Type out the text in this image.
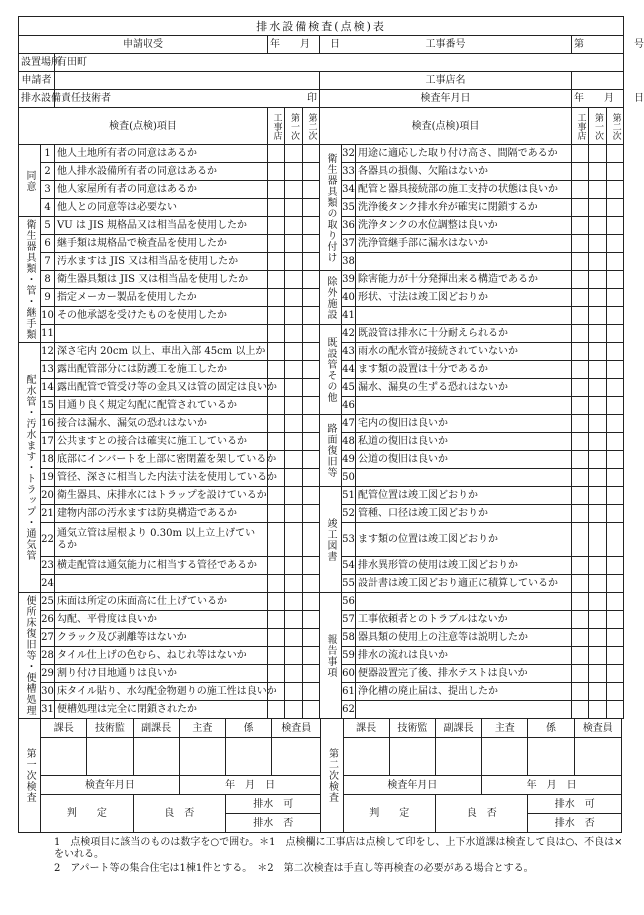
排水設備検査(点検)表											
申請収受			年　　月　　日			工事番号			第　　　　　号		
設置場所		有田町									
申請者						工事店名					
排水設備責任技術者		印				検査年月日			年　　月　　日		
検査(点検)項目			工事店	第一次	第二次	検査(点検)項目			工事店	第一次	第二次
同意	1	他人土地所有者の同意はあるか				衛生器具類の取り付け	32	用途に適応した取り付け高さ、間隔であるか			
	2	他人排水設備所有者の同意はあるか					33	各器具の損傷、欠陥はないか			
	3	他人家屋所有者の同意はあるか					34	配管と器具接続部の施工支持の状態は良いか			
	4	他人との同意等は必要ない					35	洗浄後タンク排水弁が確実に閉鎖するか			
衛生器具類・管・継手類	5	VU は JIS 規格品又は相当品を使用したか					36	洗浄タンクの水位調整は良いか			
	6	継手類は規格品で検査品を使用したか					37	洗浄管継手部に漏水はないか			
	7	汚水ますは JIS 又は相当品を使用したか					38				
	8	衛生器具類は JIS 又は相当品を使用したか				除外施設	39	除害能力が十分発揮出来る構造であるか			
	9	指定メーカー製品を使用したか					40	形状、寸法は竣工図どおりか			
	10	その他承認を受けたものを使用したか					41				
	11					既設管その他	42	既設管は排水に十分耐えられるか			
配水管・汚水ます・トラップ・通気管	12	深さ宅内 20cm 以上、車出入部 45cm 以上か					43	雨水の配水管が接続されていないか			
	13	露出配管部分には防護工を施工したか					44	ます類の設置は十分であるか			
	14	露出配管で管受け等の金具又は管の固定は良いか					45	漏水、漏臭の生ずる恐れはないか			
	15	目通り良く規定勾配に配管されているか					46				
	16	接合は漏水、漏気の恐れはないか				路面復旧等	47	宅内の復旧は良いか			
	17	公共ますとの接合は確実に施工しているか					48	私道の復旧は良いか			
	18	底部にインバートを上部に密閉蓋を架しているか					49	公道の復旧は良いか			
	19	管径、深さに相当した内法寸法を使用しているか					50				
	20	衛生器具、床排水にはトラップを設けているか				竣工図書	51	配管位置は竣工図どおりか			
	21	建物内部の汚水ますは防臭構造であるか					52	管種、口径は竣工図どおりか			
	22	通気立管は屋根より 0.30m 以上立上げているか					53	ます類の位置は竣工図どおりか			
	23	横走配管は通気能力に相当する管径であるか					54	排水異形管の使用は竣工図どおりか			
	24						55	設計書は竣工図どおり適正に積算しているか			
便所床復旧等・便槽処理	25	床面は所定の床面高に仕上げているか				報告事項	56				
	26	勾配、平骨度は良いか					57	工事依頼者とのトラブルはないか			
	27	クラック及び剥離等はないか					58	器具類の使用上の注意等は説明したか			
	28	タイル仕上げの色むら、ねじれ等はないか					59	排水の流れは良いか			
	29	割り付け目地通りは良いか					60	便器設置完了後、排水テストは良いか			
	30	床タイル貼り、水勾配金物廻りの施工性は良いか					61	浄化槽の廃止届は、提出したか			
	31	便槽処理は完全に閉鎖されたか					62				
第一次検査	課長	技術監	副課長	主査	係	検査員	第二次検査	課長	技術監	副課長	主査	係	検査員

	検査年月日			年　月　日				検査年月日			年　月　日		
	判　　定		良　否		排水　可			判　　定		良　否		排水　可	
					排水　否							排水　否	
1　点検項目に該当のものは数字を○で囲む。＊1　点検欄に工事店は点検して印をし、上下水道課は検査して良は○、不良は×をいれる。
2　アパート等の集合住宅は1棟1件とする。　＊2　第二次検査は手直し等再検査の必要がある場合とする。
